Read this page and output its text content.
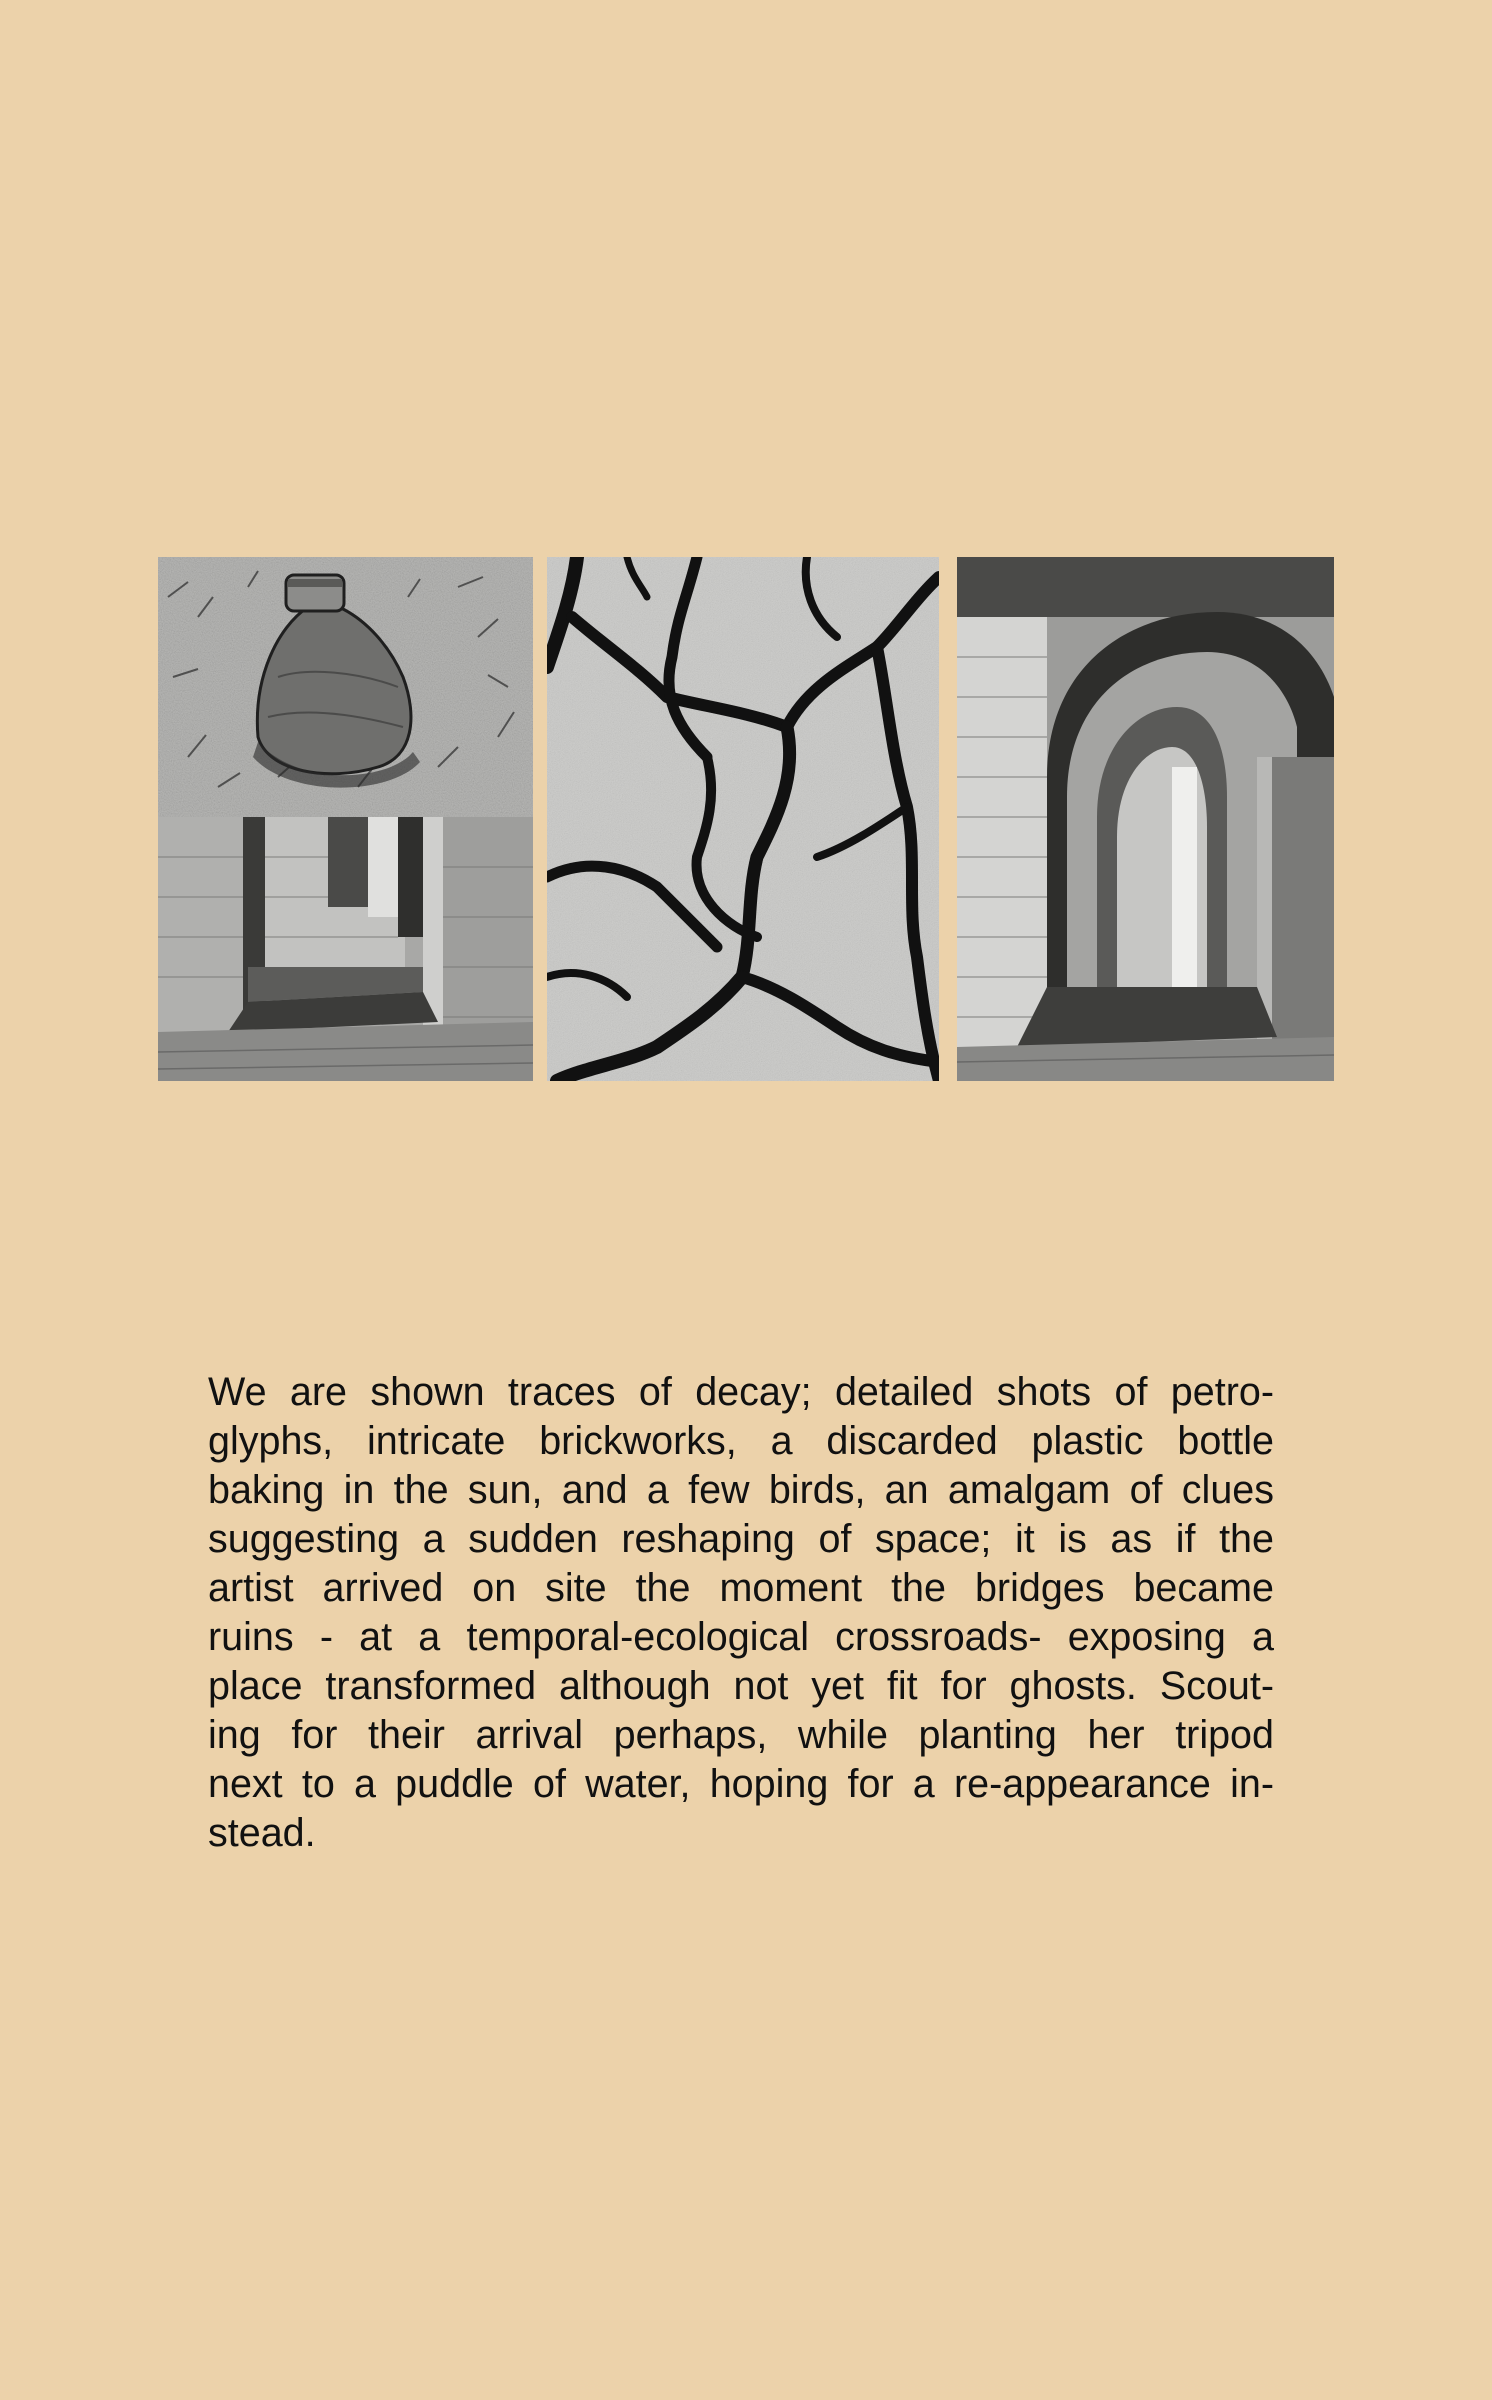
We are shown traces of decay; detailed shots of petro-
glyphs, intricate brickworks, a discarded plastic bottle
baking in the sun, and a few birds, an amalgam of clues
suggesting a sudden reshaping of space; it is as if the
artist arrived on site the moment the bridges became
ruins - at a temporal-ecological crossroads- exposing a
place transformed although not yet fit for ghosts. Scout-
ing for their arrival perhaps, while planting her tripod
next to a puddle of water, hoping for a re-appearance in-
stead.
